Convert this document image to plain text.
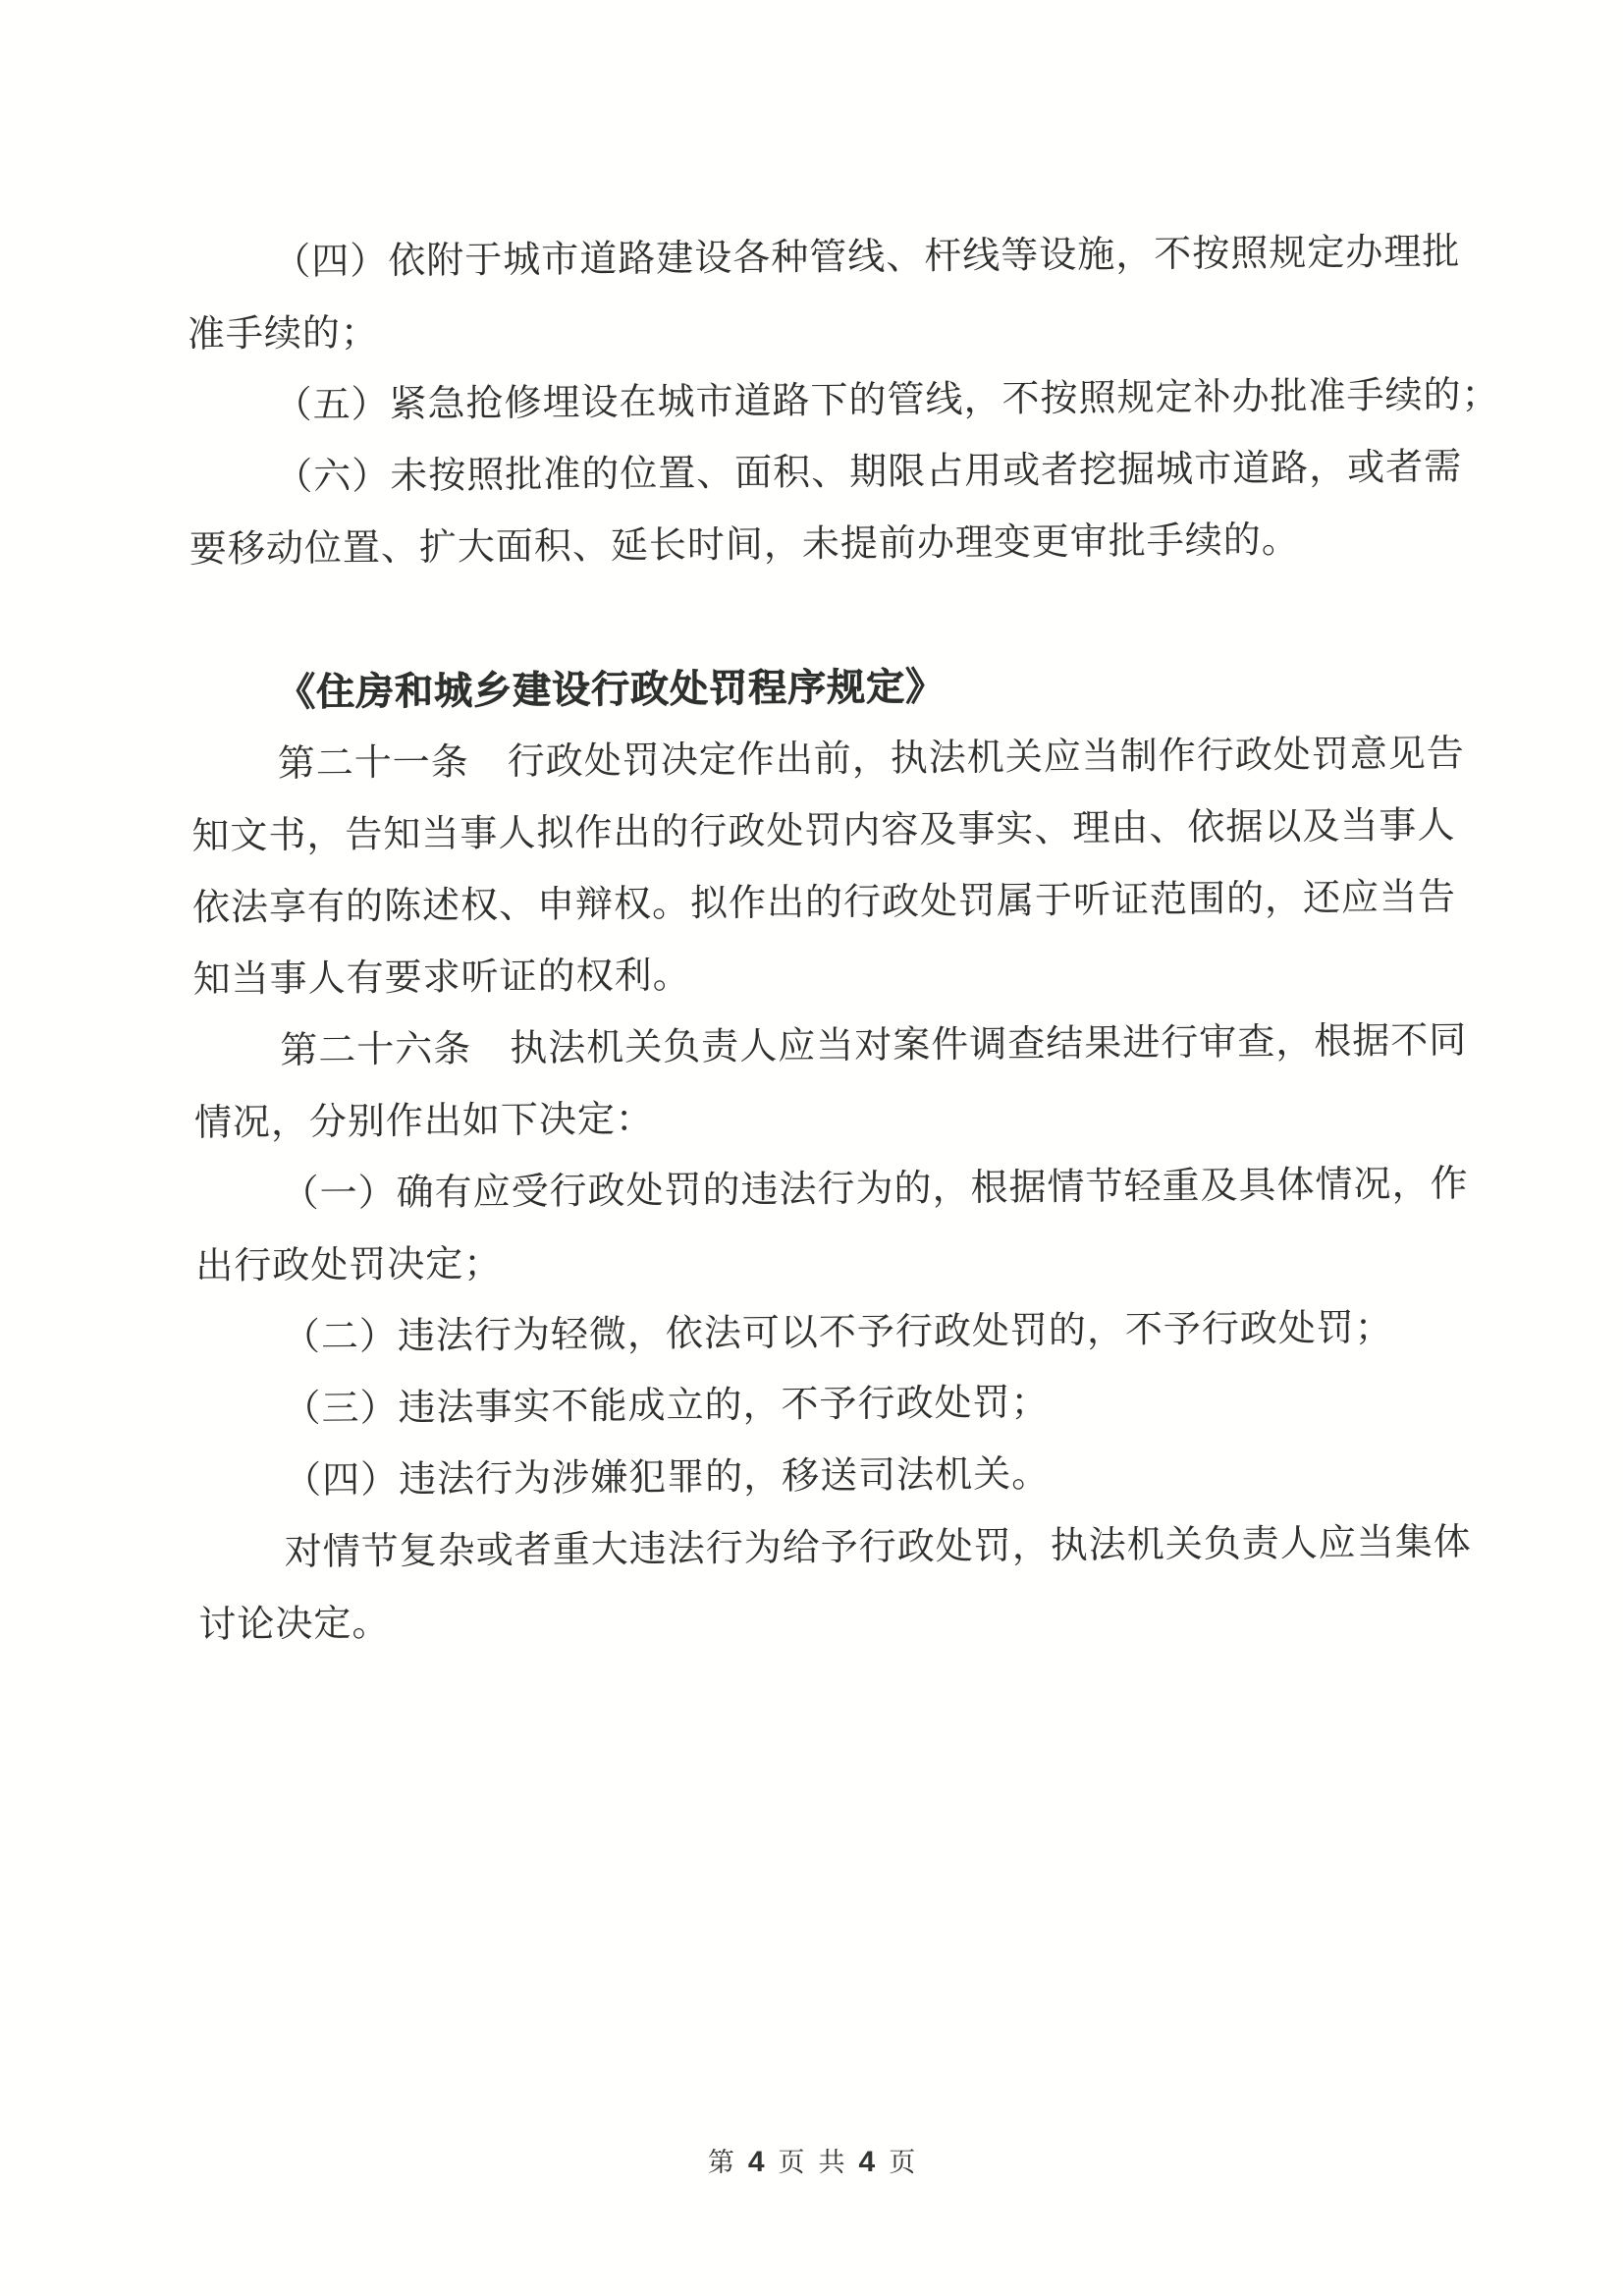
（四）依附于城市道路建设各种管线、杆线等设施，不按照规定办理批
准手续的；
（五）紧急抢修埋设在城市道路下的管线，不按照规定补办批准手续的；
（六）未按照批准的位置、面积、期限占用或者挖掘城市道路，或者需
要移动位置、扩大面积、延长时间，未提前办理变更审批手续的。
《住房和城乡建设行政处罚程序规定》
第二十一条　行政处罚决定作出前，执法机关应当制作行政处罚意见告
知文书，告知当事人拟作出的行政处罚内容及事实、理由、依据以及当事人
依法享有的陈述权、申辩权。拟作出的行政处罚属于听证范围的，还应当告
知当事人有要求听证的权利。
第二十六条　执法机关负责人应当对案件调查结果进行审查，根据不同
情况，分别作出如下决定：
（一）确有应受行政处罚的违法行为的，根据情节轻重及具体情况，作
出行政处罚决定；
（二）违法行为轻微，依法可以不予行政处罚的，不予行政处罚；
（三）违法事实不能成立的，不予行政处罚；
（四）违法行为涉嫌犯罪的，移送司法机关。
对情节复杂或者重大违法行为给予行政处罚，执法机关负责人应当集体
讨论决定。
第 4 页 共 4 页
